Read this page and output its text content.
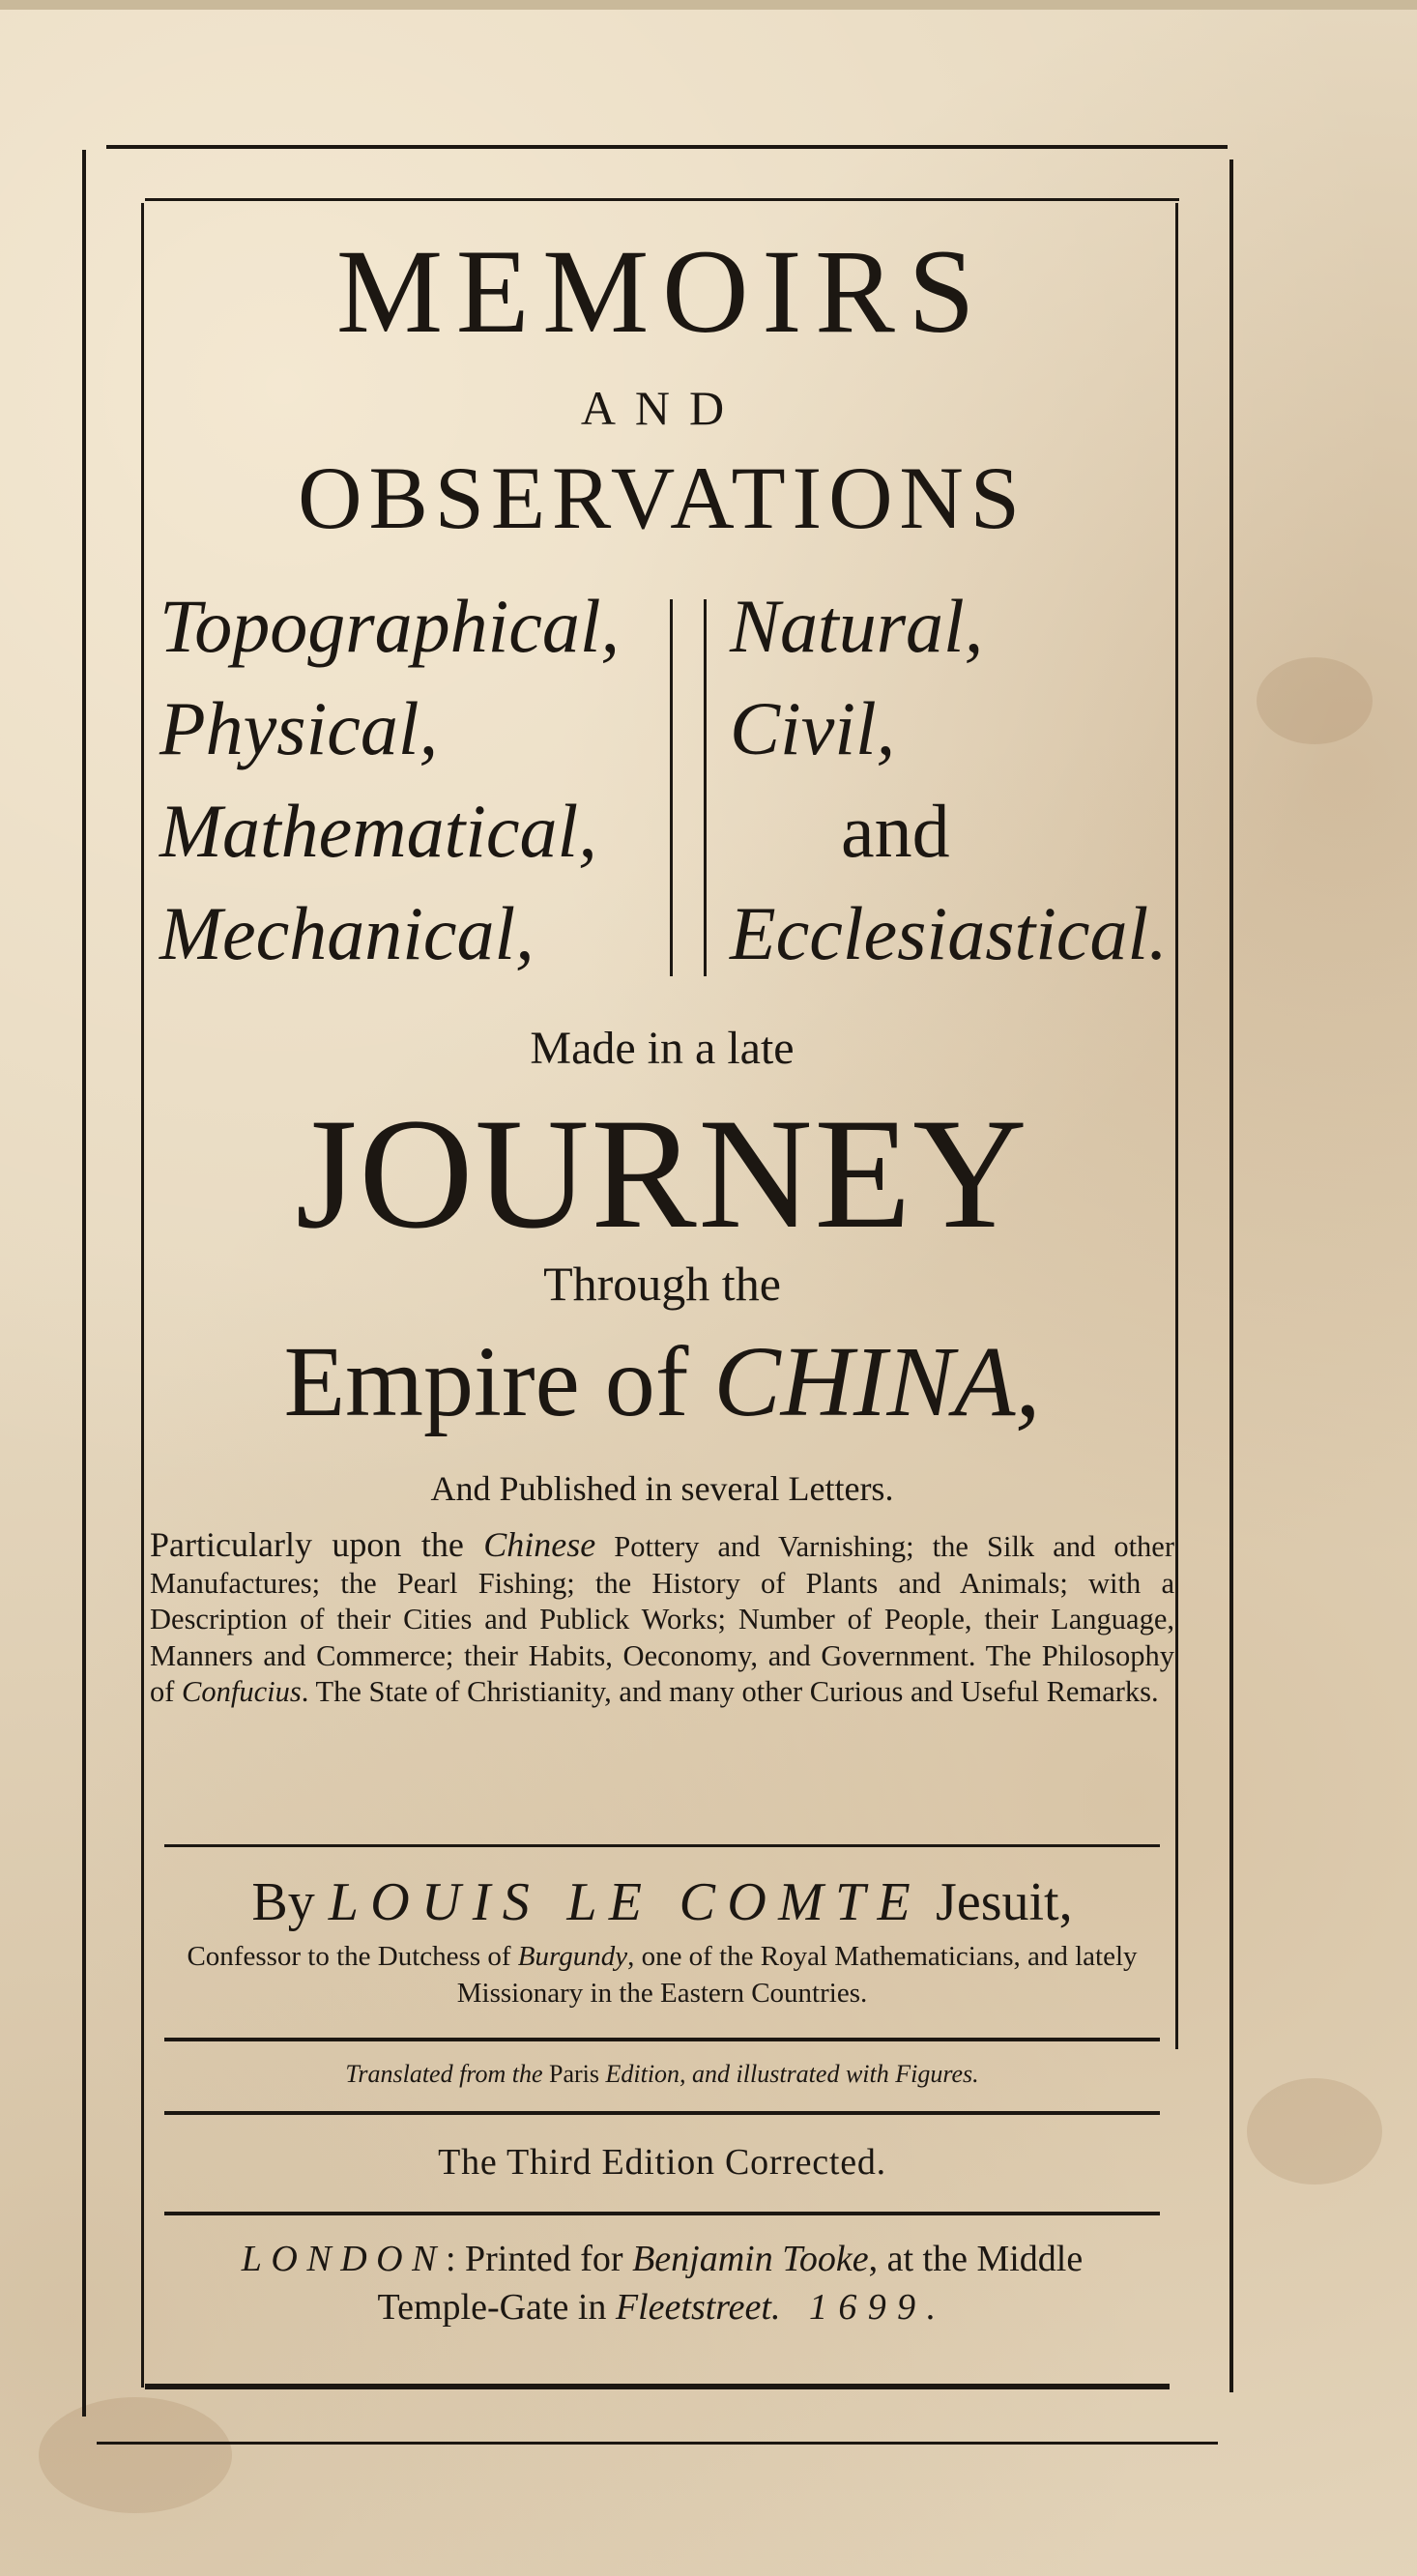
MEMOIRS
AND
OBSERVATIONS
Topographical,
Physical,
Mathematical,
Mechanical,
Natural,
Civil,
and
Ecclesiastical.
Made in a late
JOURNEY
Through the
Empire of CHINA,
And Published in several Letters.

Particularly upon the Chinese Pottery and Varnishing; the Silk and other Manufactures; the Pearl Fishing; the History of Plants and Animals; with a Description of their Cities and Publick Works; Number of People, their Language, Manners and Commerce; their Habits, Oeconomy, and Government. The Philosophy of Confucius. The State of Christianity, and many other Curious and Useful Remarks.

By LOUIS LE COMTE Jesuit,
Confessor to the Dutchess of Burgundy, one of the Royal Mathematicians, and lately Missionary in the Eastern Countries.
Translated from the Paris Edition, and illustrated with Figures.
The Third Edition Corrected.
LONDON: Printed for Benjamin Tooke, at the Middle
Temple-Gate in Fleetstreet. 1699.
